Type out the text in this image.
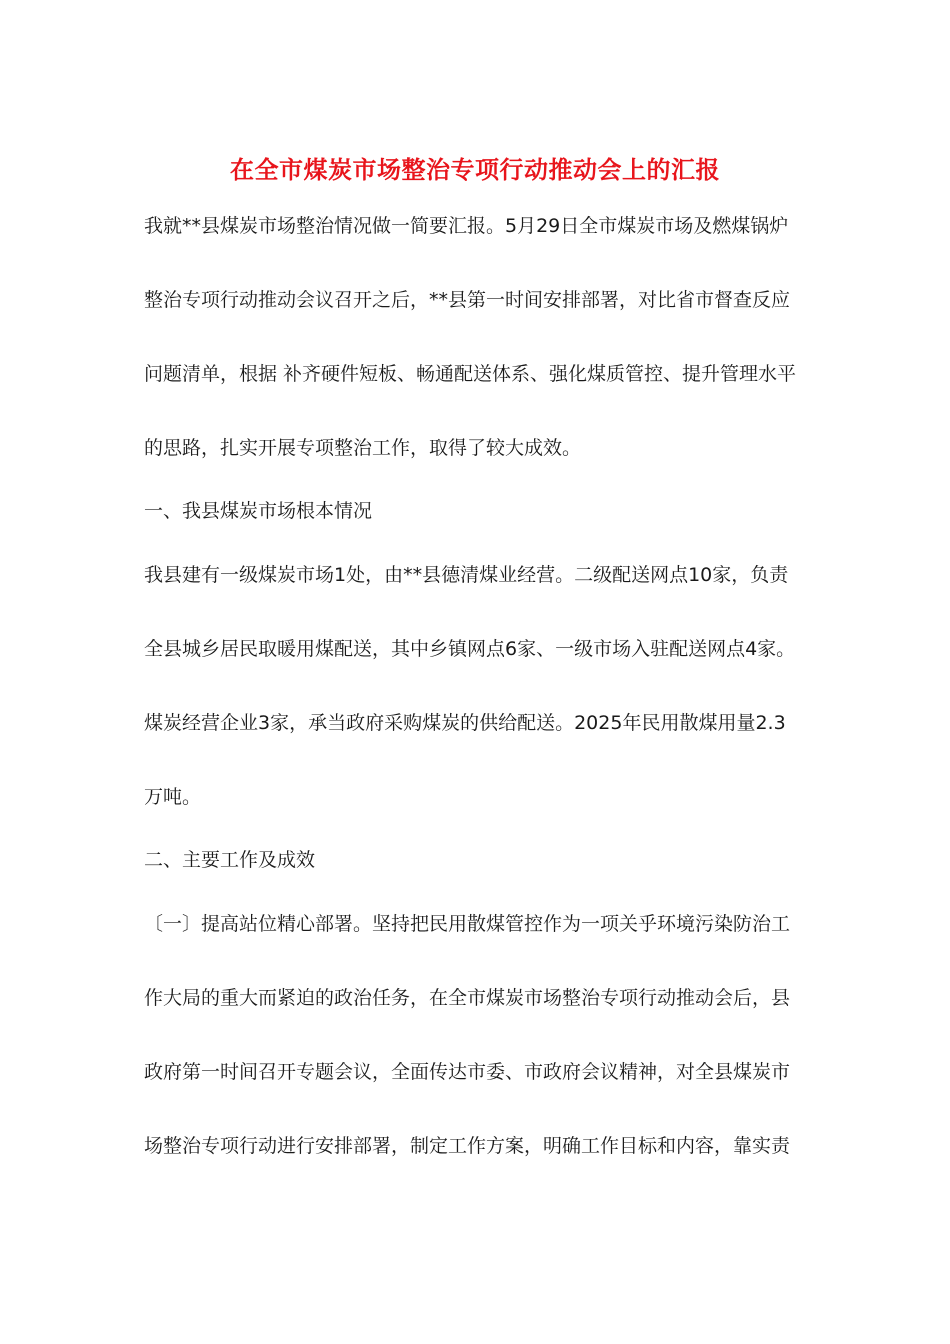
在全市煤炭市场整治专项行动推动会上的汇报
我就**县煤炭市场整治情况做一简要汇报。5月29日全市煤炭市场及燃煤锅炉
整治专项行动推动会议召开之后，**县第一时间安排部署，对比省市督查反应
问题清单，根据 补齐硬件短板、畅通配送体系、强化煤质管控、提升管理水平
的思路，扎实开展专项整治工作，取得了较大成效。
一、我县煤炭市场根本情况
我县建有一级煤炭市场1处，由**县德清煤业经营。二级配送网点10家，负责
全县城乡居民取暖用煤配送，其中乡镇网点6家、一级市场入驻配送网点4家。
煤炭经营企业3家，承当政府采购煤炭的供给配送。2025年民用散煤用量2.3
万吨。
二、主要工作及成效
〔一〕提高站位精心部署。坚持把民用散煤管控作为一项关乎环境污染防治工
作大局的重大而紧迫的政治任务，在全市煤炭市场整治专项行动推动会后，县
政府第一时间召开专题会议，全面传达市委、市政府会议精神，对全县煤炭市
场整治专项行动进行安排部署，制定工作方案，明确工作目标和内容，靠实责
